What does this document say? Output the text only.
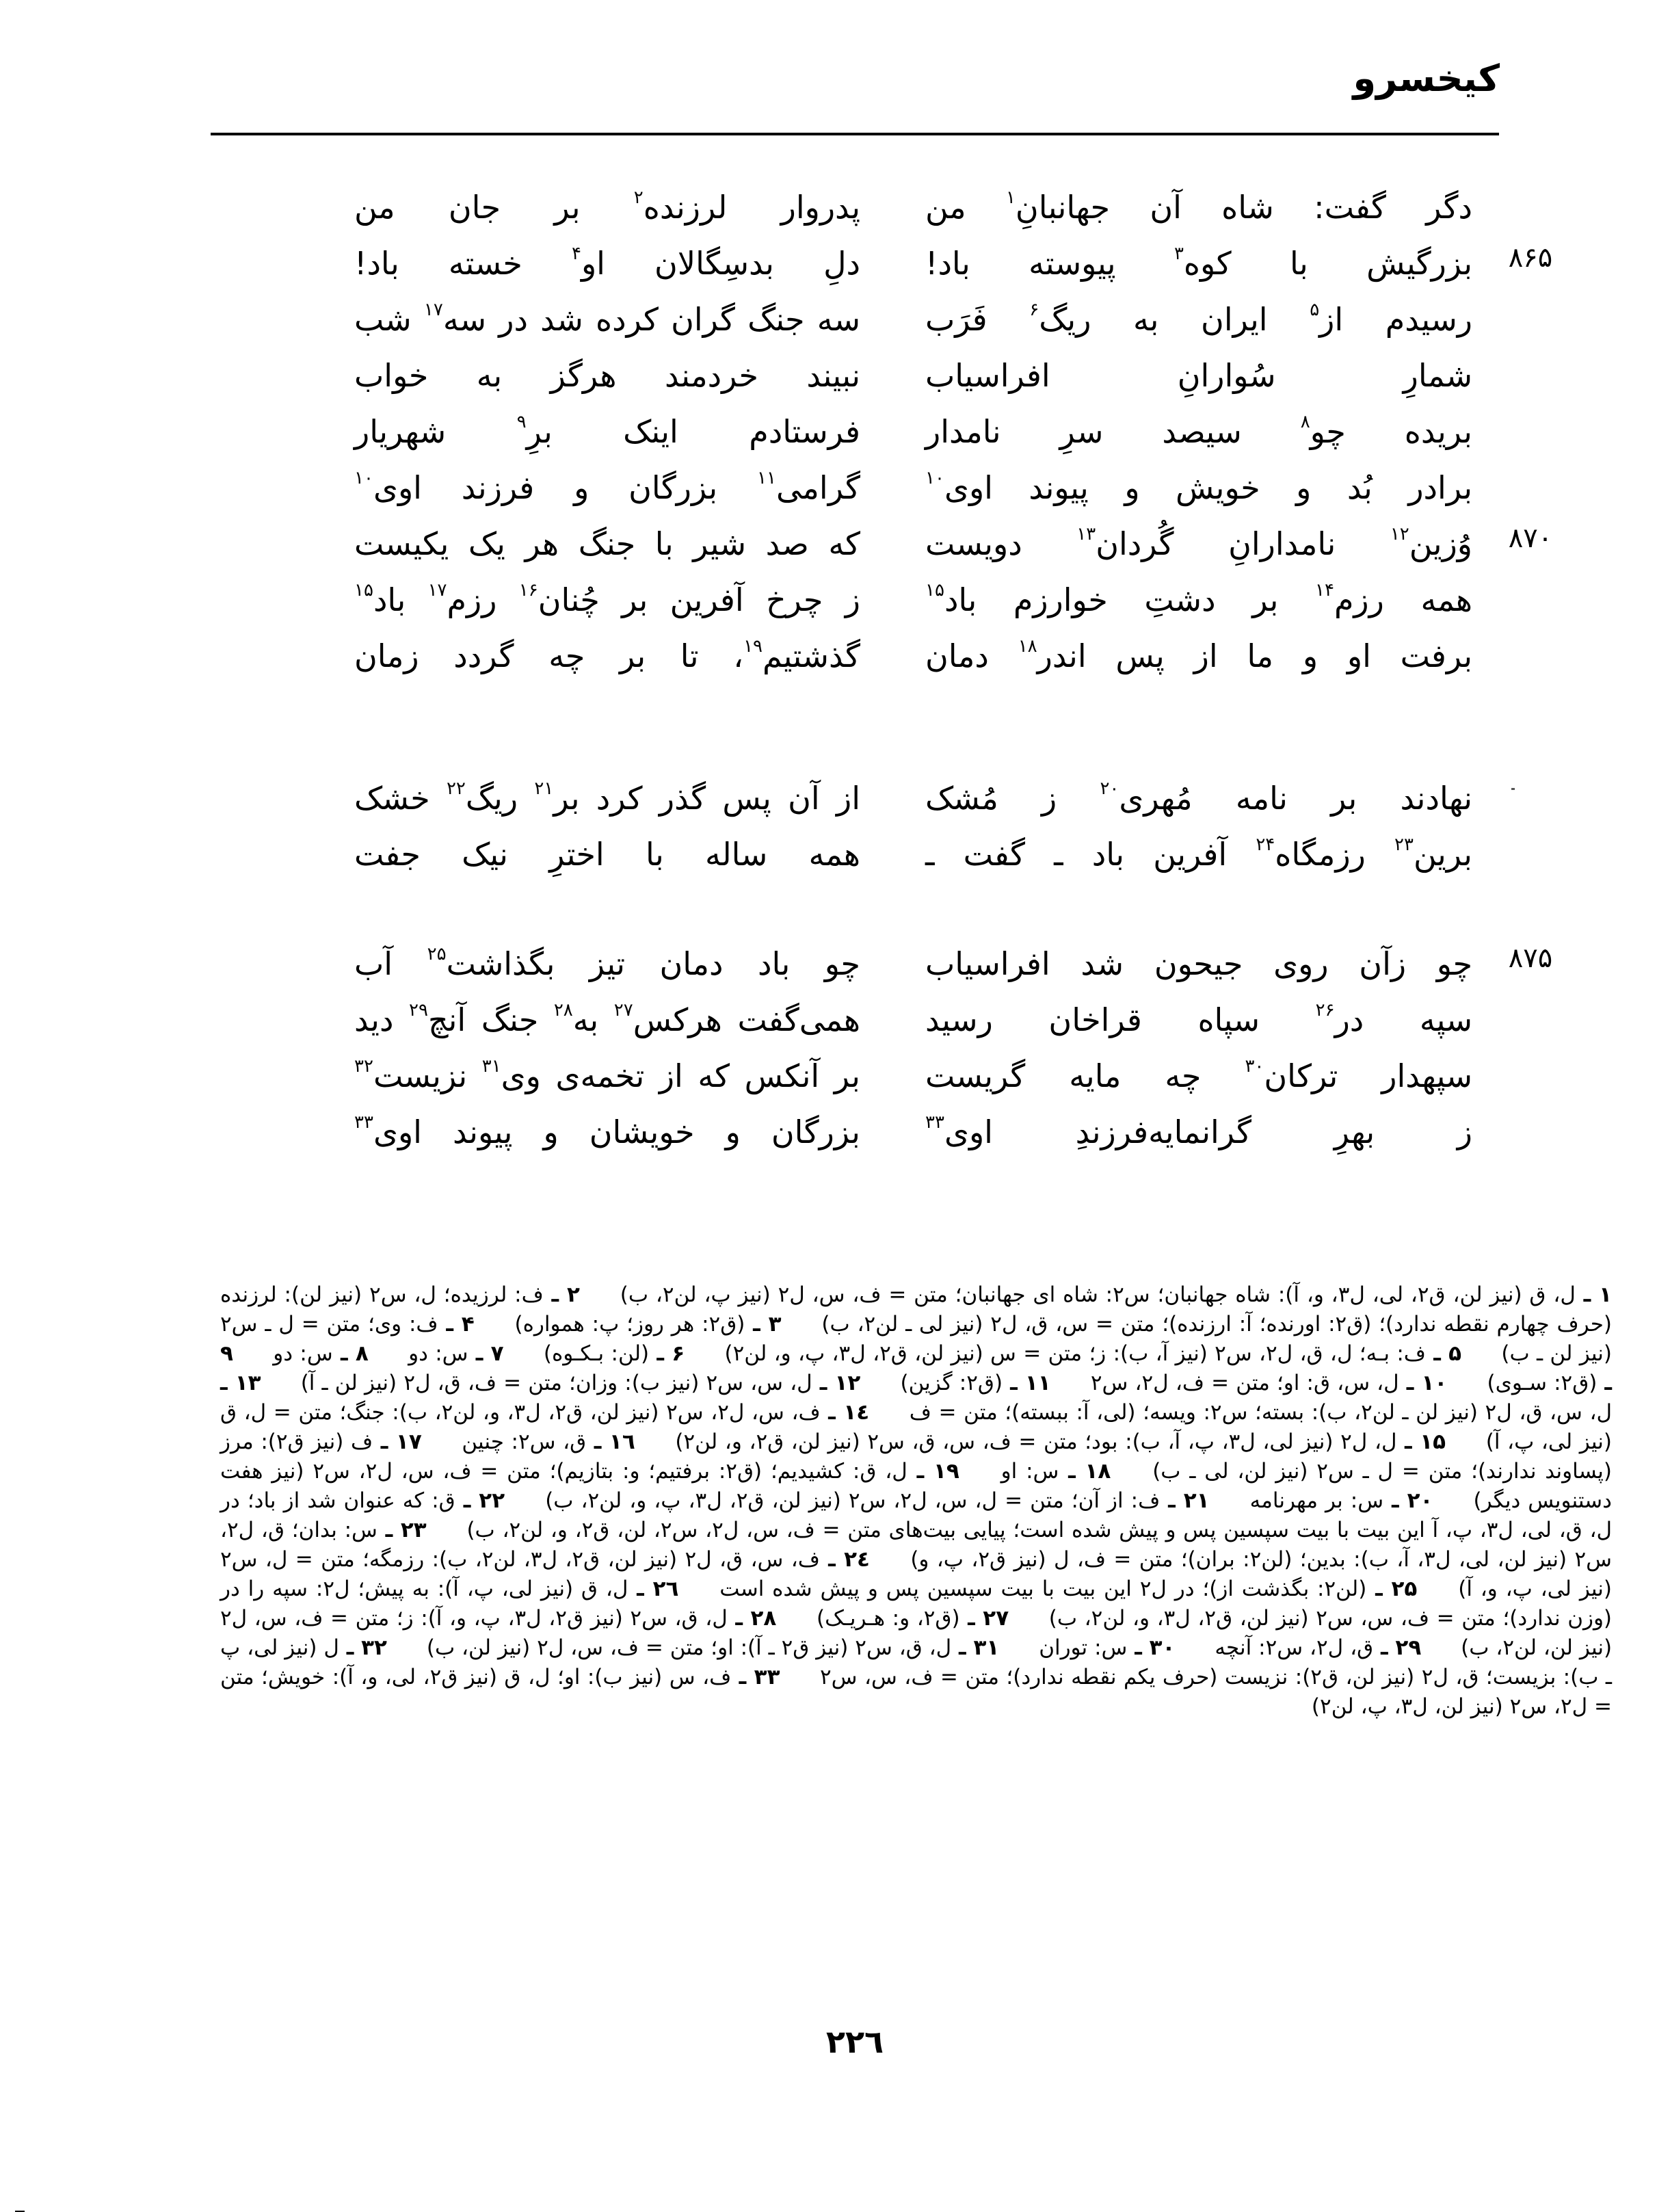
کیخسرو
دگر گفت: شاه آن جهانبانِ$^۱$ من
پدروار لرزنده$^۲$ بر جان من
۸۶۵
بزرگیش با کوه$^۳$ پیوسته باد!
دلِ بدسِگالان او$^۴$ خسته باد!
رسیدم از$^۵$ ایران به ریگ$^۶$ فَرَب
سه جنگ گران کرده شد در سه$^{۱۷}$ شب
شمارِ سُوارانِ افراسیاب
نبیند خردمند هرگز به خواب
بریده چو$^۸$ سیصد سرِ نامدار
فرستادم اینک برِ$^۹$ شهریار
برادر بُد و خویش و پیوند اوی$^{۱۰}$
گرامی$^{۱۱}$ بزرگان و فرزند اوی$^{۱۰}$
۸۷۰
وُزین$^{۱۲}$ نامدارانِ گُردان$^{۱۳}$ دویست
که صد شیر با جنگ هر یک یکیست
همه رزم$^{۱۴}$ بر دشتِ خوارزم باد$^{۱۵}$
ز چرخ آفرین بر چُنان$^{۱۶}$ رزم$^{۱۷}$ باد$^{۱۵}$
برفت او و ما از پس اندر$^{۱۸}$ دمان
گذشتیم$^{۱۹}$، تا بر چه گردد زمان
نهادند بر نامه مُهری$^{۲۰}$ ز مُشک
از آن پس گذر کرد بر$^{۲۱}$ ریگ$^{۲۲}$ خشک
برین$^{۲۳}$ رزمگاه$^{۲۴}$ آفرین باد ـ گفت ـ
همه ساله با اخترِ نیک جفت
۸۷۵
چو زآن روی جیحون شد افراسیاب
چو باد دمان تیز بگذاشت$^{۲۵}$ آب
سپه در$^{۲۶}$ سپاه قراخان رسید
همی‌گفت هرکس$^{۲۷}$ به$^{۲۸}$ جنگ آنچ$^{۲۹}$ دید
سپهدار ترکان$^{۳۰}$ چه مایه گریست
بر آنکس که از تخمه‌ی وی$^{۳۱}$ نزیست$^{۳۲}$
ز بهرِ گرانمایه‌فرزندِ اوی$^{۳۳}$
بزرگان و خویشان و پیوند اوی$^{۳۳}$
۱ ـ ل، ق (نیز لن، ق۲، لی، ل۳، و، آ): شاه جهانبان؛ س۲: شاه ای جهانبان؛ متن = ف، س، ل۲ (نیز پ، لن۲، ب) ۲ ـ ف: لرزیده؛ ل، س۲ (نیز لن): لرزنده (حرف چهارم نقطه ندارد)؛ (ق۲: اورنده؛ آ: ارزنده)؛ متن = س، ق، ل۲ (نیز لی ـ لن۲، ب) ۳ ـ (ق۲: هر روز؛ پ: همواره) ۴ ـ ف: وی؛ متن = ل ـ س۲ (نیز لن ـ ب) ۵ ـ ف: بـه؛ ل، ق، ل۲، س۲ (نیز آ، ب): ز؛ متن = س (نیز لن، ق۲، ل۳، پ، و، لن۲) ۶ ـ (لن: بـکـوه) ۷ ـ س: دو ۸ ـ س: دو ۹ ـ (ق۲: سـوی) ۱۰ ـ ل، س، ق: او؛ متن = ف، ل۲، س۲ ۱۱ ـ (ق۲: گزین) ۱۲ ـ ل، س، س۲ (نیز ب): وزان؛ متن = ف، ق، ل۲ (نیز لن ـ آ) ۱۳ ـ ل، س، ق، ل۲ (نیز لن ـ لن۲، ب): بسته؛ س۲: ویسه؛ (لی، آ: ببسته)؛ متن = ف ۱٤ ـ ف، س، ل۲، س۲ (نیز لن، ق۲، ل۳، و، لن۲، ب): جنگ؛ متن = ل، ق (نیز لی، پ، آ) ۱۵ ـ ل، ل۲ (نیز لی، ل۳، پ، آ، ب): بود؛ متن = ف، س، ق، س۲ (نیز لن، ق۲، و، لن۲) ۱٦ ـ ق، س۲: چنین ۱۷ ـ ف (نیز ق۲): مرز (پساوند ندارند)؛ متن = ل ـ س۲ (نیز لن، لی ـ ب) ۱۸ ـ س: او ۱۹ ـ ل، ق: کشیدیم؛ (ق۲: برفتیم؛ و: بتازیم)؛ متن = ف، س، ل۲، س۲ (نیز هفت دستنویس دیگر) ۲۰ ـ س: بر مهرنامه ۲۱ ـ ف: از آن؛ متن = ل، س، ل۲، س۲ (نیز لن، ق۲، ل۳، پ، و، لن۲، ب) ۲۲ ـ ق: که عنوان شد از باد؛ در ل، ق، لی، ل۳، پ، آ این بیت با بیت سپسین پس و پیش شده است؛ پیایی بیت‌های متن = ف، س، ل۲، س۲، لن، ق۲، و، لن۲، ب) ۲۳ ـ س: بدان؛ ق، ل۲، س۲ (نیز لن، لی، ل۳، آ، ب): بدین؛ (لن۲: بران)؛ متن = ف، ل (نیز ق۲، پ، و) ۲٤ ـ ف، س، ق، ل۲ (نیز لن، ق۲، ل۳، لن۲، ب): رزمگه؛ متن = ل، س۲ (نیز لی، پ، و، آ) ۲۵ ـ (لن۲: بگذشت از)؛ در ل۲ این بیت با بیت سپسین پس و پیش شده است ۲٦ ـ ل، ق (نیز لی، پ، آ): به پیش؛ ل۲: سپه را در (وزن ندارد)؛ متن = ف، س، س۲ (نیز لن، ق۲، ل۳، و، لن۲، ب) ۲۷ ـ (ق۲، و: هـریـک) ۲۸ ـ ل، ق، س۲ (نیز ق۲، ل۳، پ، و، آ): ز؛ متن = ف، س، ل۲ (نیز لن، لن۲، ب) ۲۹ ـ ق، ل۲، س۲: آنچه ۳۰ ـ س: توران ۳۱ ـ ل، ق، س۲ (نیز ق۲ ـ آ): او؛ متن = ف، س، ل۲ (نیز لن، ب) ۳۲ ـ ل (نیز لی، پ ـ ب): بزیست؛ ق، ل۲ (نیز لن، ق۲): نزیست (حرف یکم نقطه ندارد)؛ متن = ف، س، س۲ ۳۳ ـ ف، س (نیز ب): او؛ ل، ق (نیز ق۲، لی، و، آ): خویش؛ متن = ل۲، س۲ (نیز لن، ل۳، پ، لن۲)
۲۲٦
